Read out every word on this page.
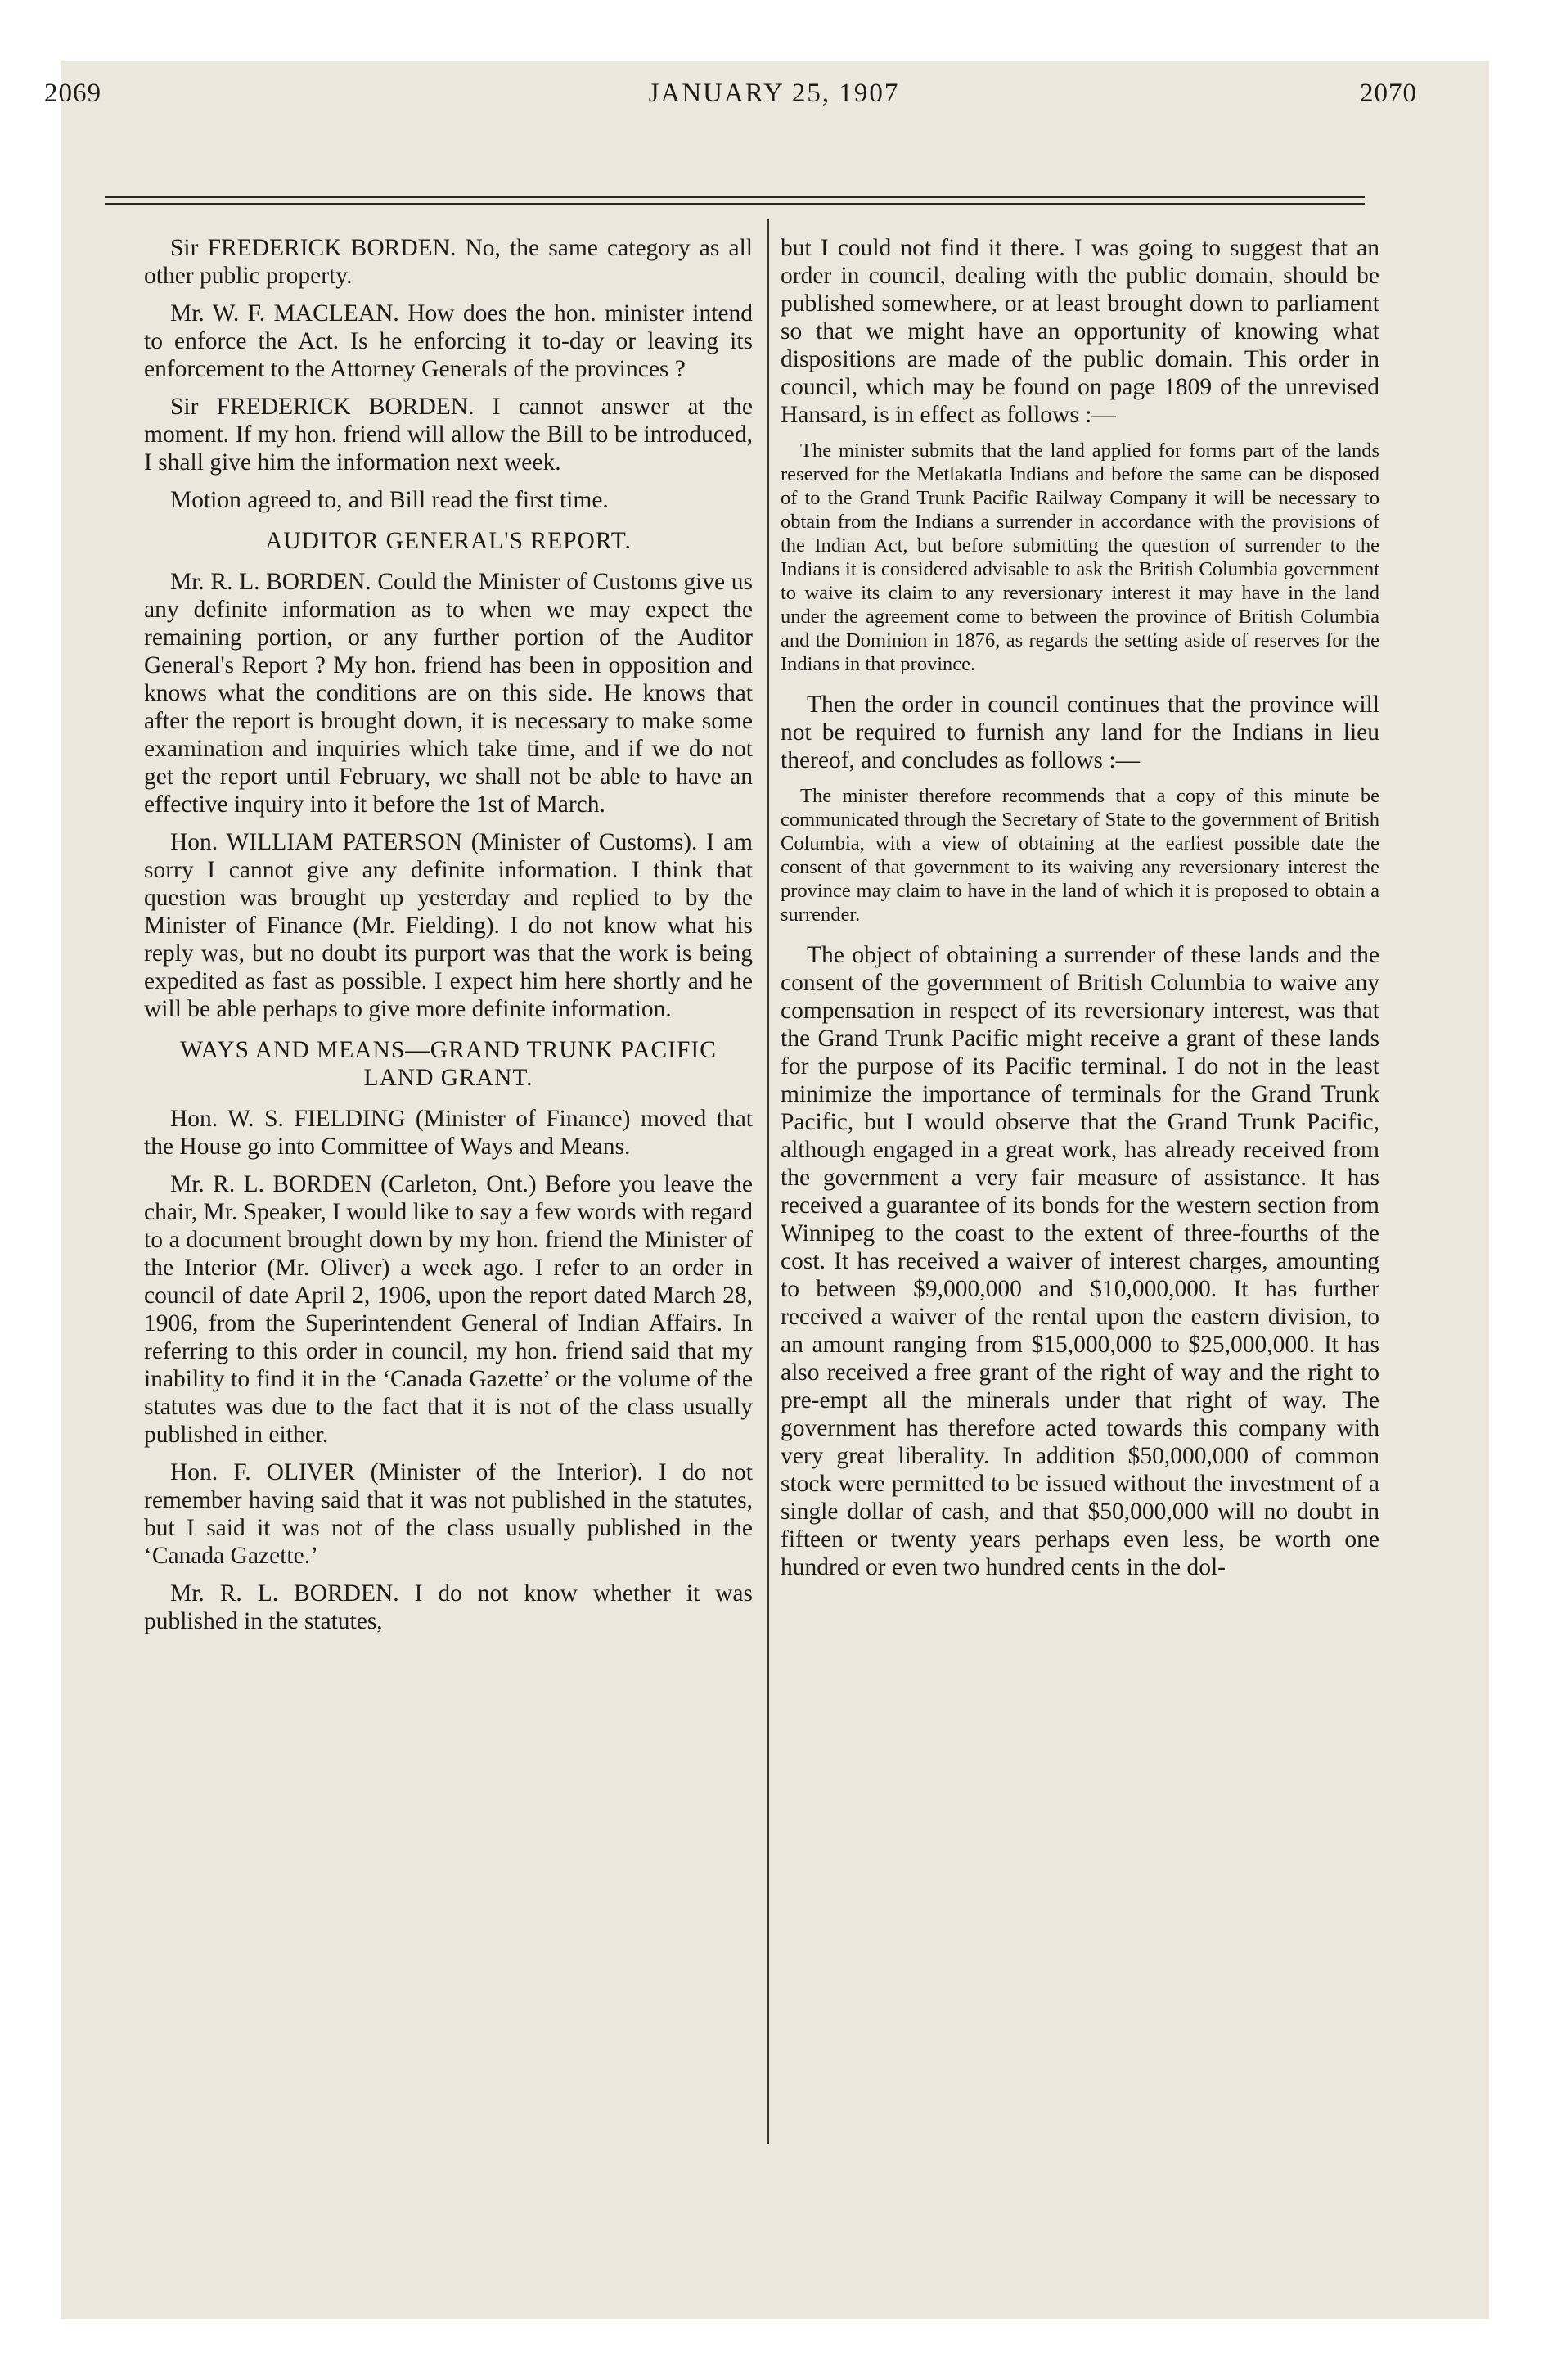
2069	JANUARY 25, 1907	2070

Sir FREDERICK BORDEN. No, the same category as all other public property.

Mr. W. F. MACLEAN. How does the hon. minister intend to enforce the Act. Is he enforcing it to-day or leaving its enforcement to the Attorney Generals of the provinces ?

Sir FREDERICK BORDEN. I cannot answer at the moment. If my hon. friend will allow the Bill to be introduced, I shall give him the information next week.

Motion agreed to, and Bill read the first time.

AUDITOR GENERAL'S REPORT.

Mr. R. L. BORDEN. Could the Minister of Customs give us any definite information as to when we may expect the remaining portion, or any further portion of the Auditor General's Report ? My hon. friend has been in opposition and knows what the conditions are on this side. He knows that after the report is brought down, it is necessary to make some examination and inquiries which take time, and if we do not get the report until February, we shall not be able to have an effective inquiry into it before the 1st of March.

Hon. WILLIAM PATERSON (Minister of Customs). I am sorry I cannot give any definite information. I think that question was brought up yesterday and replied to by the Minister of Finance (Mr. Fielding). I do not know what his reply was, but no doubt its purport was that the work is being expedited as fast as possible. I expect him here shortly and he will be able perhaps to give more definite information.

WAYS AND MEANS—GRAND TRUNK PACIFIC LAND GRANT.

Hon. W. S. FIELDING (Minister of Finance) moved that the House go into Committee of Ways and Means.

Mr. R. L. BORDEN (Carleton, Ont.) Before you leave the chair, Mr. Speaker, I would like to say a few words with regard to a document brought down by my hon. friend the Minister of the Interior (Mr. Oliver) a week ago. I refer to an order in council of date April 2, 1906, upon the report dated March 28, 1906, from the Superintendent General of Indian Affairs. In referring to this order in council, my hon. friend said that my inability to find it in the ‘Canada Gazette’ or the volume of the statutes was due to the fact that it is not of the class usually published in either.

Hon. F. OLIVER (Minister of the Interior). I do not remember having said that it was not published in the statutes, but I said it was not of the class usually published in the ‘Canada Gazette.’

Mr. R. L. BORDEN. I do not know whether it was published in the statutes,

but I could not find it there. I was going to suggest that an order in council, dealing with the public domain, should be published somewhere, or at least brought down to parliament so that we might have an opportunity of knowing what dispositions are made of the public domain. This order in council, which may be found on page 1809 of the unrevised Hansard, is in effect as follows :—

The minister submits that the land applied for forms part of the lands reserved for the Metlakatla Indians and before the same can be disposed of to the Grand Trunk Pacific Railway Company it will be necessary to obtain from the Indians a surrender in accordance with the provisions of the Indian Act, but before submitting the question of surrender to the Indians it is considered advisable to ask the British Columbia government to waive its claim to any reversionary interest it may have in the land under the agreement come to between the province of British Columbia and the Dominion in 1876, as regards the setting aside of reserves for the Indians in that province.

Then the order in council continues that the province will not be required to furnish any land for the Indians in lieu thereof, and concludes as follows :—

The minister therefore recommends that a copy of this minute be communicated through the Secretary of State to the government of British Columbia, with a view of obtaining at the earliest possible date the consent of that government to its waiving any reversionary interest the province may claim to have in the land of which it is proposed to obtain a surrender.

The object of obtaining a surrender of these lands and the consent of the government of British Columbia to waive any compensation in respect of its reversionary interest, was that the Grand Trunk Pacific might receive a grant of these lands for the purpose of its Pacific terminal. I do not in the least minimize the importance of terminals for the Grand Trunk Pacific, but I would observe that the Grand Trunk Pacific, although engaged in a great work, has already received from the government a very fair measure of assistance. It has received a guarantee of its bonds for the western section from Winnipeg to the coast to the extent of three-fourths of the cost. It has received a waiver of interest charges, amounting to between $9,000,000 and $10,000,000. It has further received a waiver of the rental upon the eastern division, to an amount ranging from $15,000,000 to $25,000,000. It has also received a free grant of the right of way and the right to pre-empt all the minerals under that right of way. The government has therefore acted towards this company with very great liberality. In addition $50,000,000 of common stock were permitted to be issued without the investment of a single dollar of cash, and that $50,000,000 will no doubt in fifteen or twenty years perhaps even less, be worth one hundred or even two hundred cents in the dol-
